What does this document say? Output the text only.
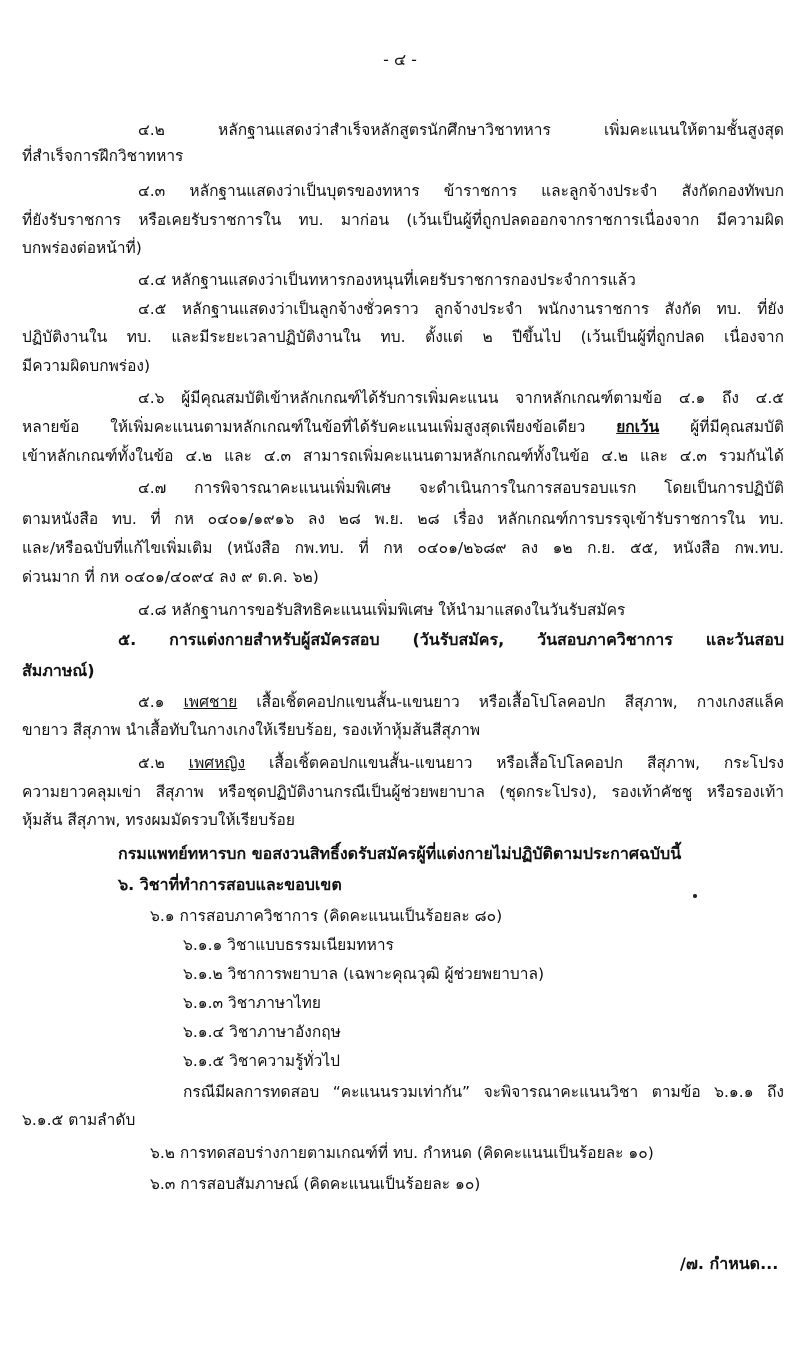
- ๔ -
๔.๒ หลักฐานแสดงว่าสำเร็จหลักสูตรนักศึกษาวิชาทหาร เพิ่มคะแนนให้ตามชั้นสูงสุด
ที่สำเร็จการฝึกวิชาทหาร
๔.๓ หลักฐานแสดงว่าเป็นบุตรของทหาร ข้าราชการ และลูกจ้างประจำ สังกัดกองทัพบก
ที่ยังรับราชการ หรือเคยรับราชการใน ทบ. มาก่อน (เว้นเป็นผู้ที่ถูกปลดออกจากราชการเนื่องจาก มีความผิด
บกพร่องต่อหน้าที่)
๔.๔ หลักฐานแสดงว่าเป็นทหารกองหนุนที่เคยรับราชการกองประจำการแล้ว
๔.๕ หลักฐานแสดงว่าเป็นลูกจ้างชั่วคราว ลูกจ้างประจำ พนักงานราชการ สังกัด ทบ. ที่ยัง
ปฏิบัติงานใน ทบ. และมีระยะเวลาปฏิบัติงานใน ทบ. ตั้งแต่ ๒ ปีขึ้นไป (เว้นเป็นผู้ที่ถูกปลด เนื่องจาก
มีความผิดบกพร่อง)
๔.๖ ผู้มีคุณสมบัติเข้าหลักเกณฑ์ได้รับการเพิ่มคะแนน จากหลักเกณฑ์ตามข้อ ๔.๑ ถึง ๔.๕
หลายข้อ ให้เพิ่มคะแนนตามหลักเกณฑ์ในข้อที่ได้รับคะแนนเพิ่มสูงสุดเพียงข้อเดียว ยกเว้น ผู้ที่มีคุณสมบัติ
เข้าหลักเกณฑ์ทั้งในข้อ ๔.๒ และ ๔.๓ สามารถเพิ่มคะแนนตามหลักเกณฑ์ทั้งในข้อ ๔.๒ และ ๔.๓ รวมกันได้
๔.๗ การพิจารณาคะแนนเพิ่มพิเศษ จะดำเนินการในการสอบรอบแรก โดยเป็นการปฏิบัติ
ตามหนังสือ ทบ. ที่ กห ๐๔๐๑/๑๙๑๖ ลง ๒๘ พ.ย. ๒๘ เรื่อง หลักเกณฑ์การบรรจุเข้ารับราชการใน ทบ.
และ/หรือฉบับที่แก้ไขเพิ่มเติม (หนังสือ กพ.ทบ. ที่ กห ๐๔๐๑/๒๖๘๙ ลง ๑๒ ก.ย. ๕๕, หนังสือ กพ.ทบ.
ด่วนมาก ที่ กห ๐๔๐๑/๔๐๙๔ ลง ๙ ต.ค. ๖๒)
๔.๘ หลักฐานการขอรับสิทธิคะแนนเพิ่มพิเศษ ให้นำมาแสดงในวันรับสมัคร
๕. การแต่งกายสำหรับผู้สมัครสอบ (วันรับสมัคร, วันสอบภาควิชาการ และวันสอบ
สัมภาษณ์)
๕.๑ เพศชาย เสื้อเชิ้ตคอปกแขนสั้น-แขนยาว หรือเสื้อโปโลคอปก สีสุภาพ, กางเกงสแล็ค
ขายาว สีสุภาพ นำเสื้อทับในกางเกงให้เรียบร้อย, รองเท้าหุ้มส้นสีสุภาพ
๕.๒ เพศหญิง เสื้อเชิ้ตคอปกแขนสั้น-แขนยาว หรือเสื้อโปโลคอปก สีสุภาพ, กระโปรง
ความยาวคลุมเข่า สีสุภาพ หรือชุดปฏิบัติงานกรณีเป็นผู้ช่วยพยาบาล (ชุดกระโปรง), รองเท้าคัชชู หรือรองเท้า
หุ้มส้น สีสุภาพ, ทรงผมมัดรวบให้เรียบร้อย
กรมแพทย์ทหารบก ขอสงวนสิทธิ์งดรับสมัครผู้ที่แต่งกายไม่ปฏิบัติตามประกาศฉบับนี้
๖. วิชาที่ทำการสอบและขอบเขต
๖.๑ การสอบภาควิชาการ (คิดคะแนนเป็นร้อยละ ๘๐)
๖.๑.๑ วิชาแบบธรรมเนียมทหาร
๖.๑.๒ วิชาการพยาบาล (เฉพาะคุณวุฒิ ผู้ช่วยพยาบาล)
๖.๑.๓ วิชาภาษาไทย
๖.๑.๔ วิชาภาษาอังกฤษ
๖.๑.๕ วิชาความรู้ทั่วไป
กรณีมีผลการทดสอบ “คะแนนรวมเท่ากัน” จะพิจารณาคะแนนวิชา ตามข้อ ๖.๑.๑ ถึง
๖.๑.๕ ตามลำดับ
๖.๒ การทดสอบร่างกายตามเกณฑ์ที่ ทบ. กำหนด (คิดคะแนนเป็นร้อยละ ๑๐)
๖.๓ การสอบสัมภาษณ์ (คิดคะแนนเป็นร้อยละ ๑๐)
/๗. กำหนด...
